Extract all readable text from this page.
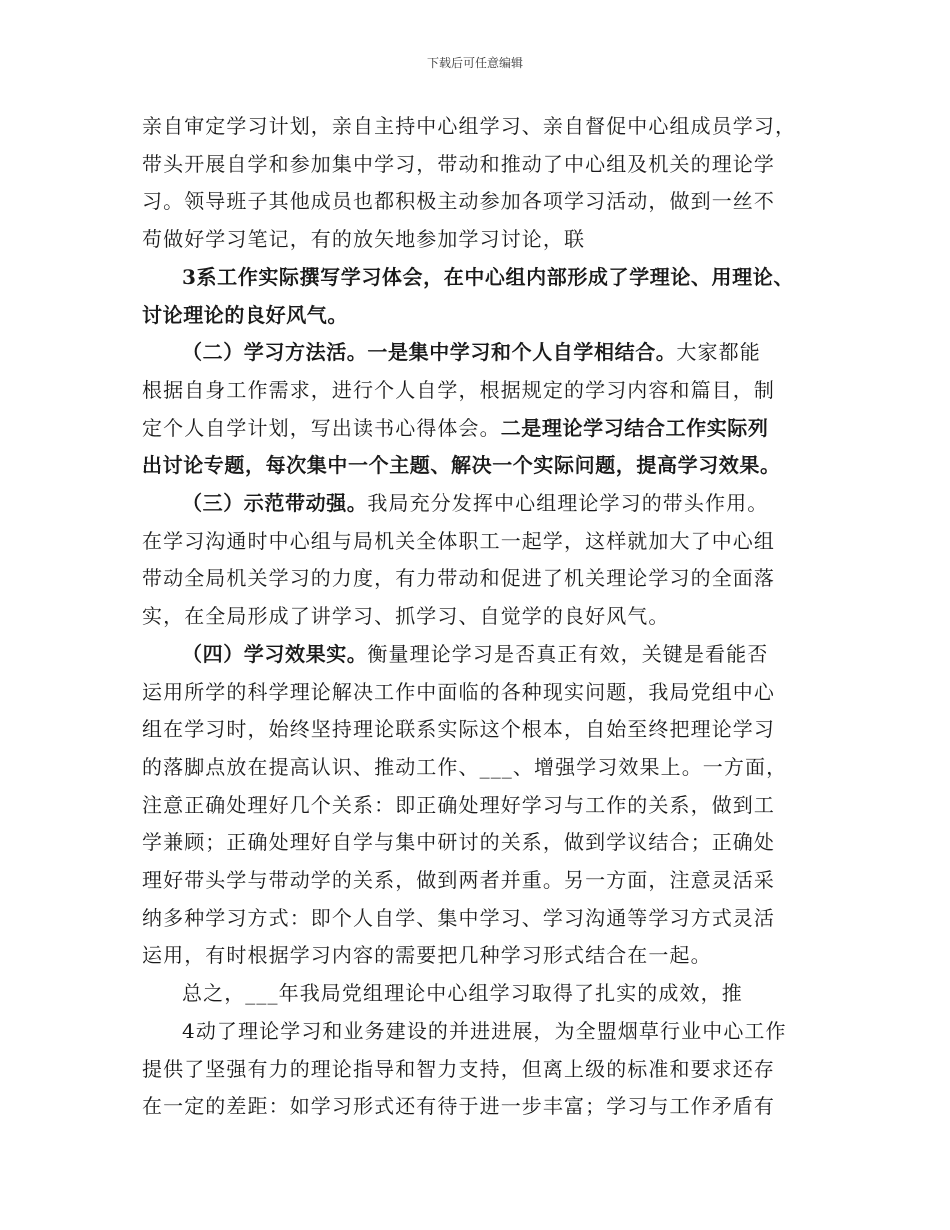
下载后可任意编辑

亲自审定学习计划，亲自主持中心组学习、亲自督促中心组成员学习，
带头开展自学和参加集中学习，带动和推动了中心组及机关的理论学
习。领导班子其他成员也都积极主动参加各项学习活动，做到一丝不
苟做好学习笔记，有的放矢地参加学习讨论，联

3系工作实际撰写学习体会，在中心组内部形成了学理论、用理论、
讨论理论的良好风气。

（二）学习方法活。一是集中学习和个人自学相结合。大家都能
根据自身工作需求，进行个人自学，根据规定的学习内容和篇目，制
定个人自学计划，写出读书心得体会。二是理论学习结合工作实际列
出讨论专题，每次集中一个主题、解决一个实际问题，提高学习效果。

（三）示范带动强。我局充分发挥中心组理论学习的带头作用。
在学习沟通时中心组与局机关全体职工一起学，这样就加大了中心组
带动全局机关学习的力度，有力带动和促进了机关理论学习的全面落
实，在全局形成了讲学习、抓学习、自觉学的良好风气。

（四）学习效果实。衡量理论学习是否真正有效，关键是看能否
运用所学的科学理论解决工作中面临的各种现实问题，我局党组中心
组在学习时，始终坚持理论联系实际这个根本，自始至终把理论学习
的落脚点放在提高认识、推动工作、___、增强学习效果上。一方面，
注意正确处理好几个关系：即正确处理好学习与工作的关系，做到工
学兼顾；正确处理好自学与集中研讨的关系，做到学议结合；正确处
理好带头学与带动学的关系，做到两者并重。另一方面，注意灵活采
纳多种学习方式：即个人自学、集中学习、学习沟通等学习方式灵活
运用，有时根据学习内容的需要把几种学习形式结合在一起。

总之，___年我局党组理论中心组学习取得了扎实的成效，推

4动了理论学习和业务建设的并进进展，为全盟烟草行业中心工作
提供了坚强有力的理论指导和智力支持，但离上级的标准和要求还存
在一定的差距：如学习形式还有待于进一步丰富；学习与工作矛盾有
